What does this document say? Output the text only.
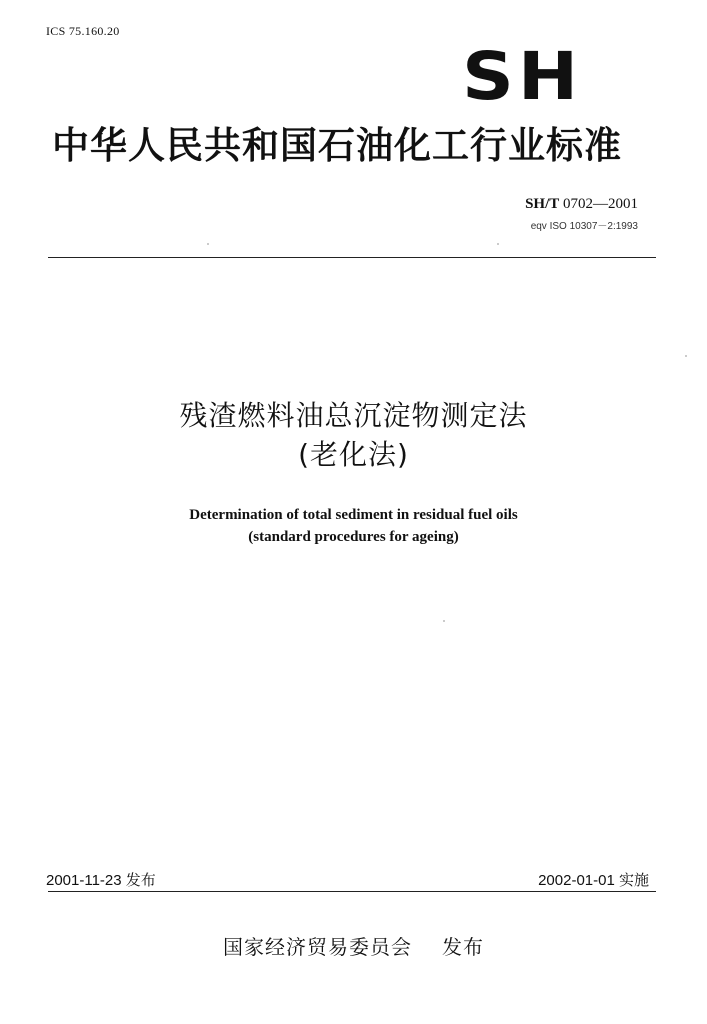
ICS 75.160.20
SH
中华人民共和国石油化工行业标准
SH/T 0702—2001
eqv ISO 10307－2:1993
残渣燃料油总沉淀物测定法
(老化法)
Determination of total sediment in residual fuel oils
(standard procedures for ageing)
2001-11-23 发布	2002-01-01 实施
国家经济贸易委员会 发布
